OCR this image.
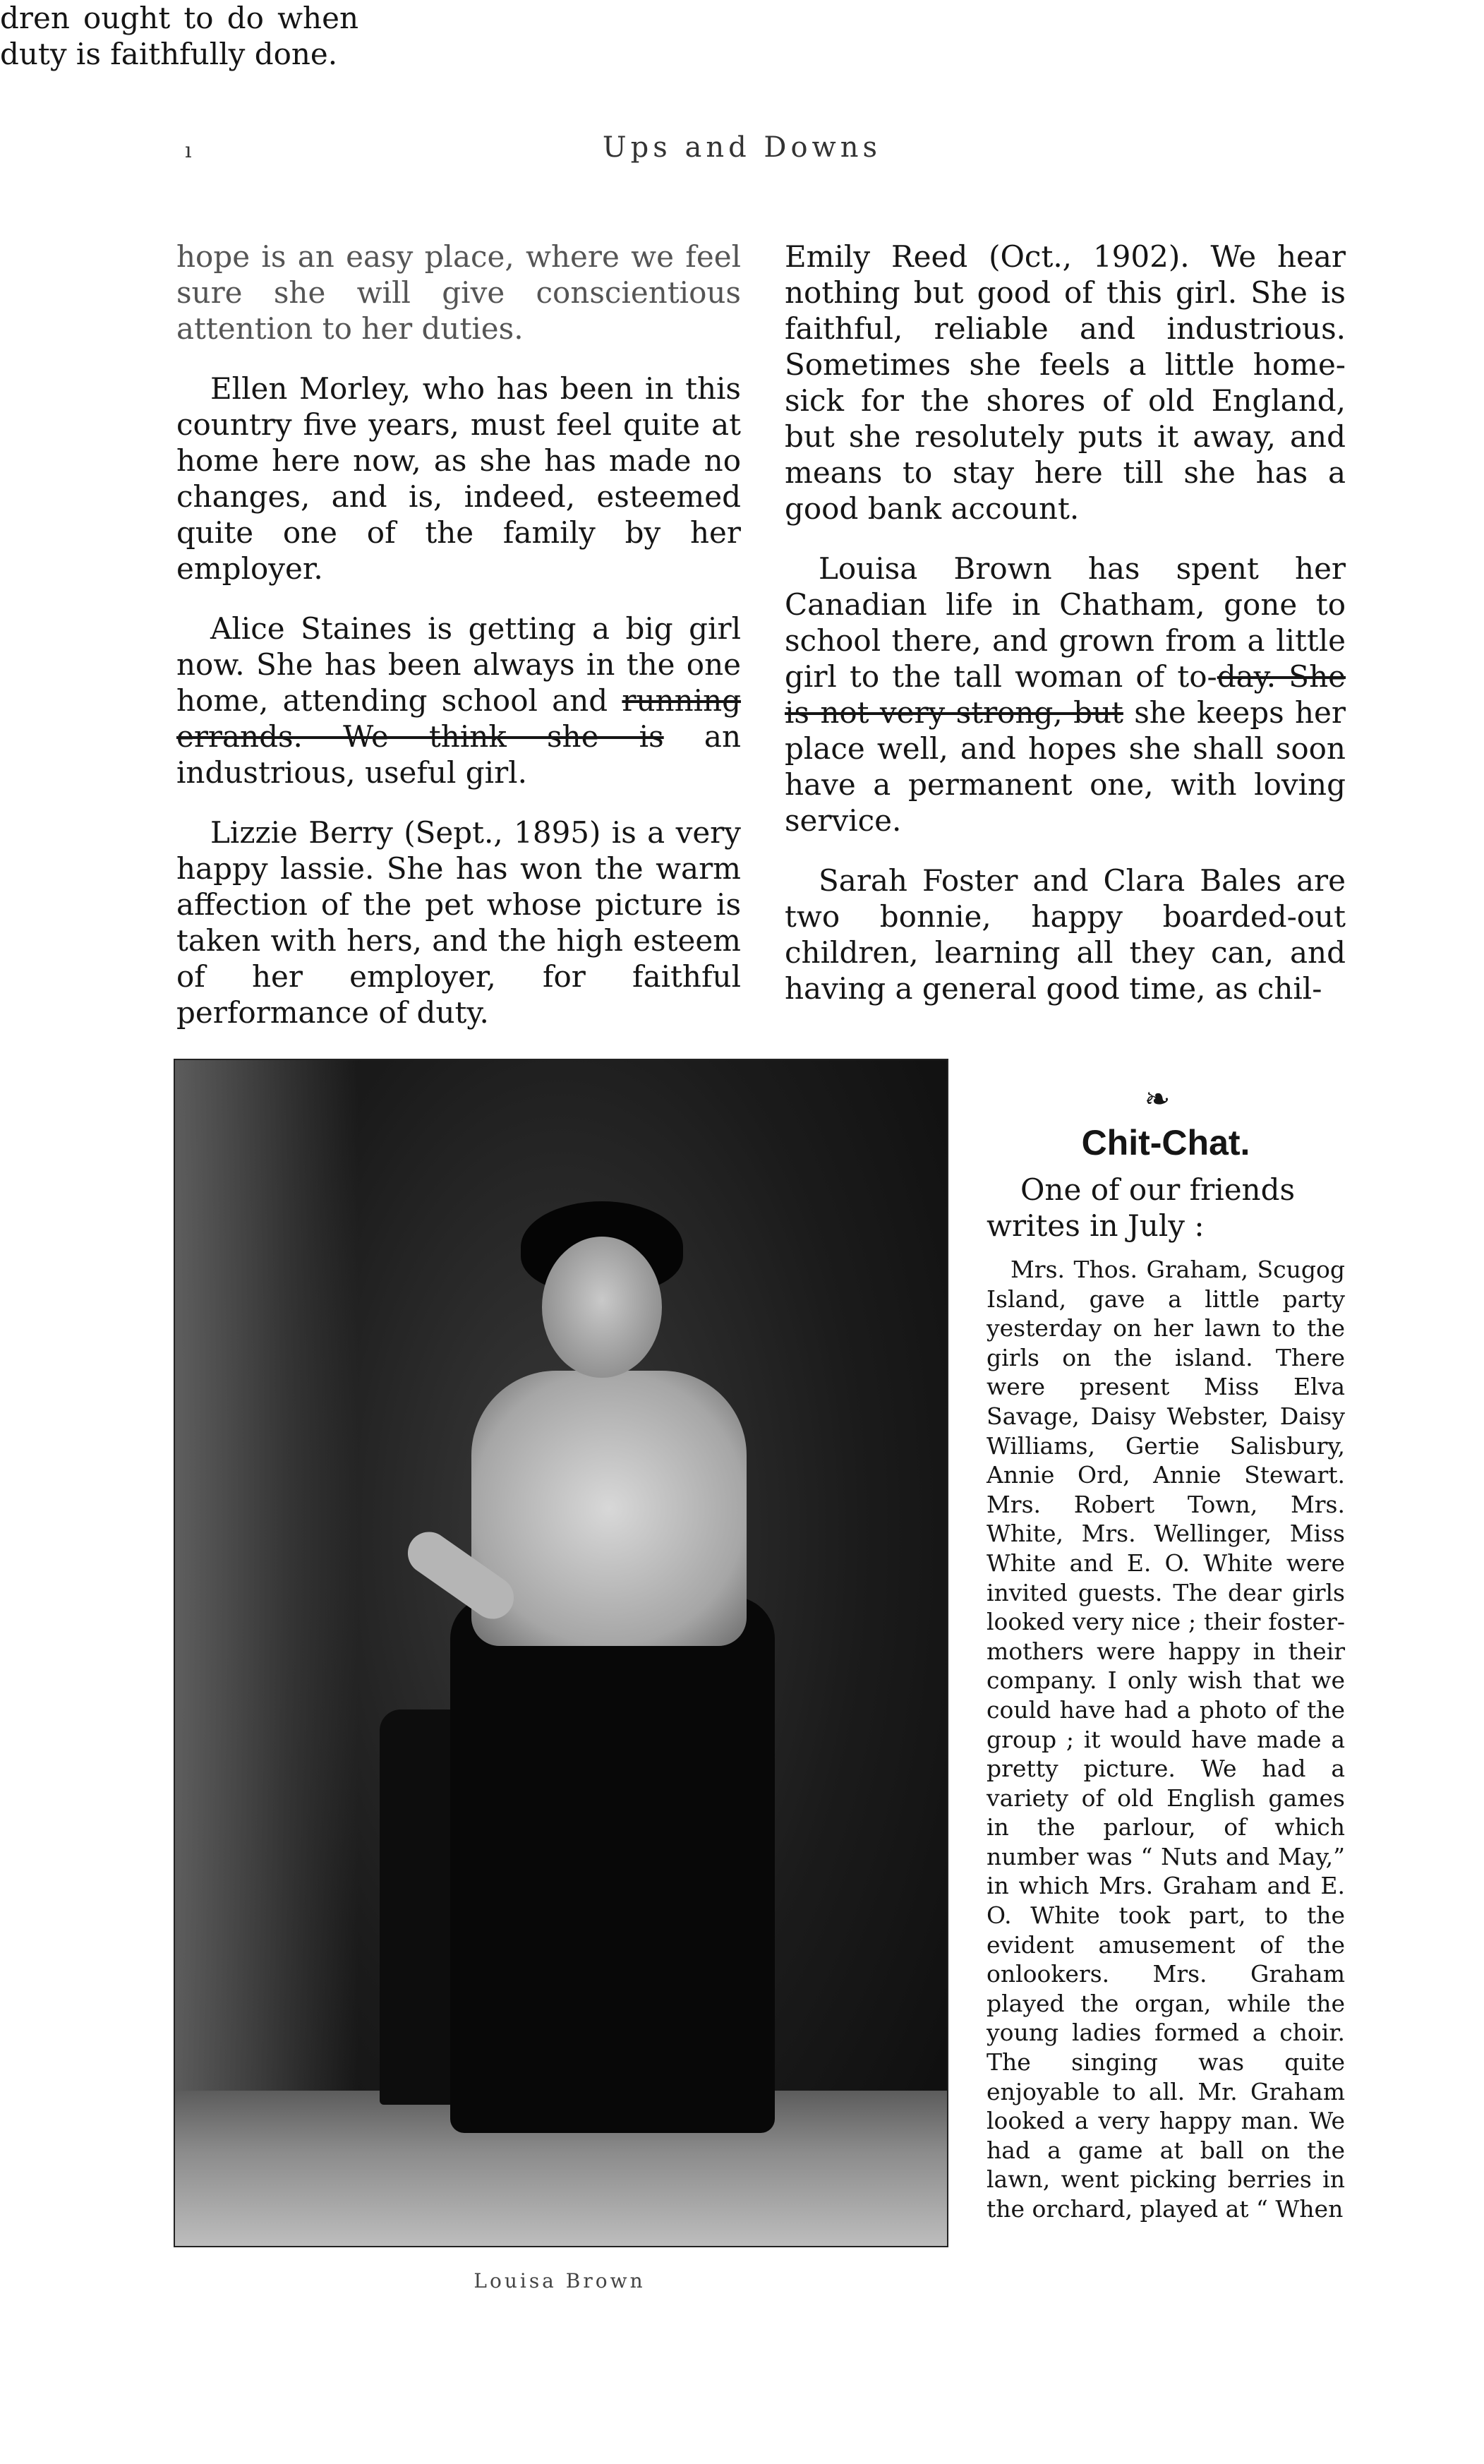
ı	Ups and Downs

hope is an easy place, where we feel sure she will give conscientious attention to her duties.

Ellen Morley, who has been in this country five years, must feel quite at home here now, as she has made no changes, and is, indeed, esteemed quite one of the family by her employer.

Alice Staines is getting a big girl now. She has been always in the one home, attending school and running errands. We think she is an industrious, useful girl.

Lizzie Berry (Sept., 1895) is a very happy lassie. She has won the warm affection of the pet whose picture is taken with hers, and the high esteem of her employer, for faithful performance of duty.

Emily Reed (Oct., 1902). We hear nothing but good of this girl. She is faithful, reliable and industrious. Sometimes she feels a little home-sick for the shores of old England, but she resolutely puts it away, and means to stay here till she has a good bank account.

Louisa Brown has spent her Canadian life in Chatham, gone to school there, and grown from a little girl to the tall woman of to-day. She is not very strong, but she keeps her place well, and hopes she shall soon have a permanent one, with loving service.

Sarah Foster and Clara Bales are two bonnie, happy boarded-out children, learning all they can, and having a general good time, as chil-

dren ought to do when duty is faithfully done.

❧
Chit-Chat.
One of our friends writes in July :

Mrs. Thos. Graham, Scugog Island, gave a little party yesterday on her lawn to the girls on the island. There were present Miss Elva Savage, Daisy Webster, Daisy Williams, Gertie Salisbury, Annie Ord, Annie Stewart. Mrs. Robert Town, Mrs. White, Mrs. Wellinger, Miss White and E. O. White were invited guests. The dear girls looked very nice ; their foster-mothers were happy in their company. I only wish that we could have had a photo of the group ; it would have made a pretty picture. We had a variety of old English games in the parlour, of which number was “ Nuts and May,” in which Mrs. Graham and E. O. White took part, to the evident amusement of the onlookers. Mrs. Graham played the organ, while the young ladies formed a choir. The singing was quite enjoyable to all. Mr. Graham looked a very happy man. We had a game at ball on the lawn, went picking berries in the orchard, played at “ When

Louisa Brown
